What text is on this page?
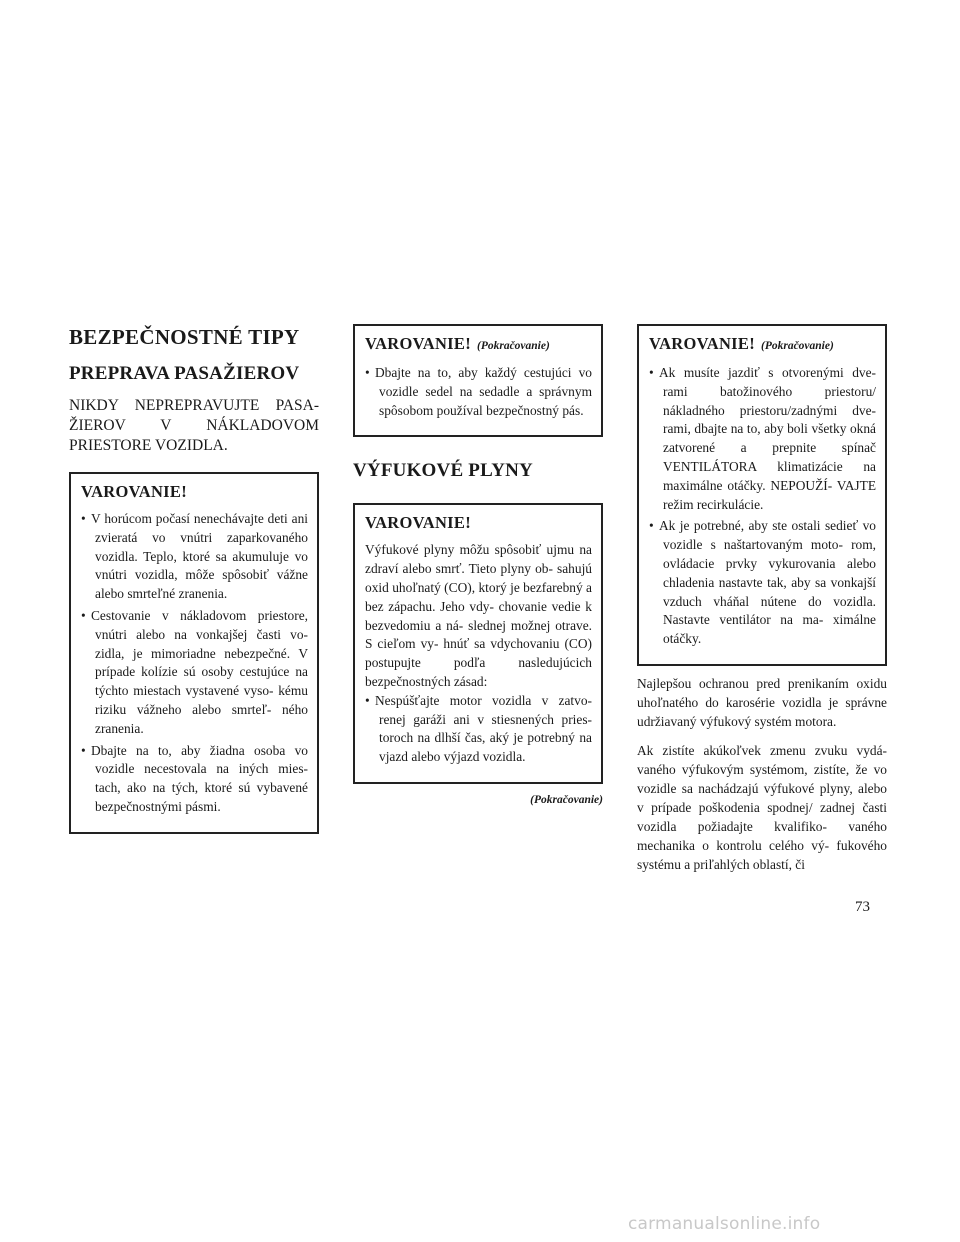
BEZPEČNOSTNÉ TIPY
PREPRAVA PASAŽIEROV

NIKDY NEPREPRAVUJTE PASA- ŽIEROV V NÁKLADOVOM PRIESTORE VOZIDLA.

VAROVANIE!

• V horúcom počasí nenechávajte deti ani zvieratá vo vnútri zaparkovaného vozidla. Teplo, ktoré sa akumuluje vo vnútri vozidla, môže spôsobiť vážne alebo smrteľné zranenia.

• Cestovanie v nákladovom priestore, vnútri alebo na vonkajšej časti vo- zidla, je mimoriadne nebezpečné. V prípade kolízie sú osoby cestujúce na týchto miestach vystavené vyso- kému riziku vážneho alebo smrteľ- ného zranenia.

• Dbajte na to, aby žiadna osoba vo vozidle necestovala na iných mies- tach, ako na tých, ktoré sú vybavené bezpečnostnými pásmi.

VAROVANIE! (Pokračovanie)

• Dbajte na to, aby každý cestujúci vo vozidle sedel na sedadle a správnym spôsobom používal bezpečnostný pás.

VÝFUKOVÉ PLYNY
VAROVANIE!

Výfukové plyny môžu spôsobiť ujmu na zdraví alebo smrť. Tieto plyny ob- sahujú oxid uhoľnatý (CO), ktorý je bezfarebný a bez zápachu. Jeho vdy- chovanie vedie k bezvedomiu a ná- slednej možnej otrave. S cieľom vy- hnúť sa vdychovaniu (CO) postupujte podľa nasledujúcich bezpečnostných zásad:

• Nespúšťajte motor vozidla v zatvo- renej garáži ani v stiesnených pries- toroch na dlhší čas, aký je potrebný na vjazd alebo výjazd vozidla.

(Pokračovanie)
VAROVANIE! (Pokračovanie)

• Ak musíte jazdiť s otvorenými dve- rami batožinového priestoru/ nákladného priestoru/zadnými dve- rami, dbajte na to, aby boli všetky okná zatvorené a prepnite spínač VENTILÁTORA klimatizácie na maximálne otáčky. NEPOUŽÍ- VAJTE režim recirkulácie.

• Ak je potrebné, aby ste ostali sedieť vo vozidle s naštartovaným moto- rom, ovládacie prvky vykurovania alebo chladenia nastavte tak, aby sa vonkajší vzduch vháňal nútene do vozidla. Nastavte ventilátor na ma- ximálne otáčky.

Najlepšou ochranou pred prenikaním oxidu uhoľnatého do karosérie vozidla je správne udržiavaný výfukový systém motora.

Ak zistíte akúkoľvek zmenu zvuku vydá- vaného výfukovým systémom, zistíte, že vo vozidle sa nachádzajú výfukové plyny, alebo v prípade poškodenia spodnej/ zadnej časti vozidla požiadajte kvalifiko- vaného mechanika o kontrolu celého vý- fukového systému a priľahlých oblastí, či

73
carmanualsonline.info
